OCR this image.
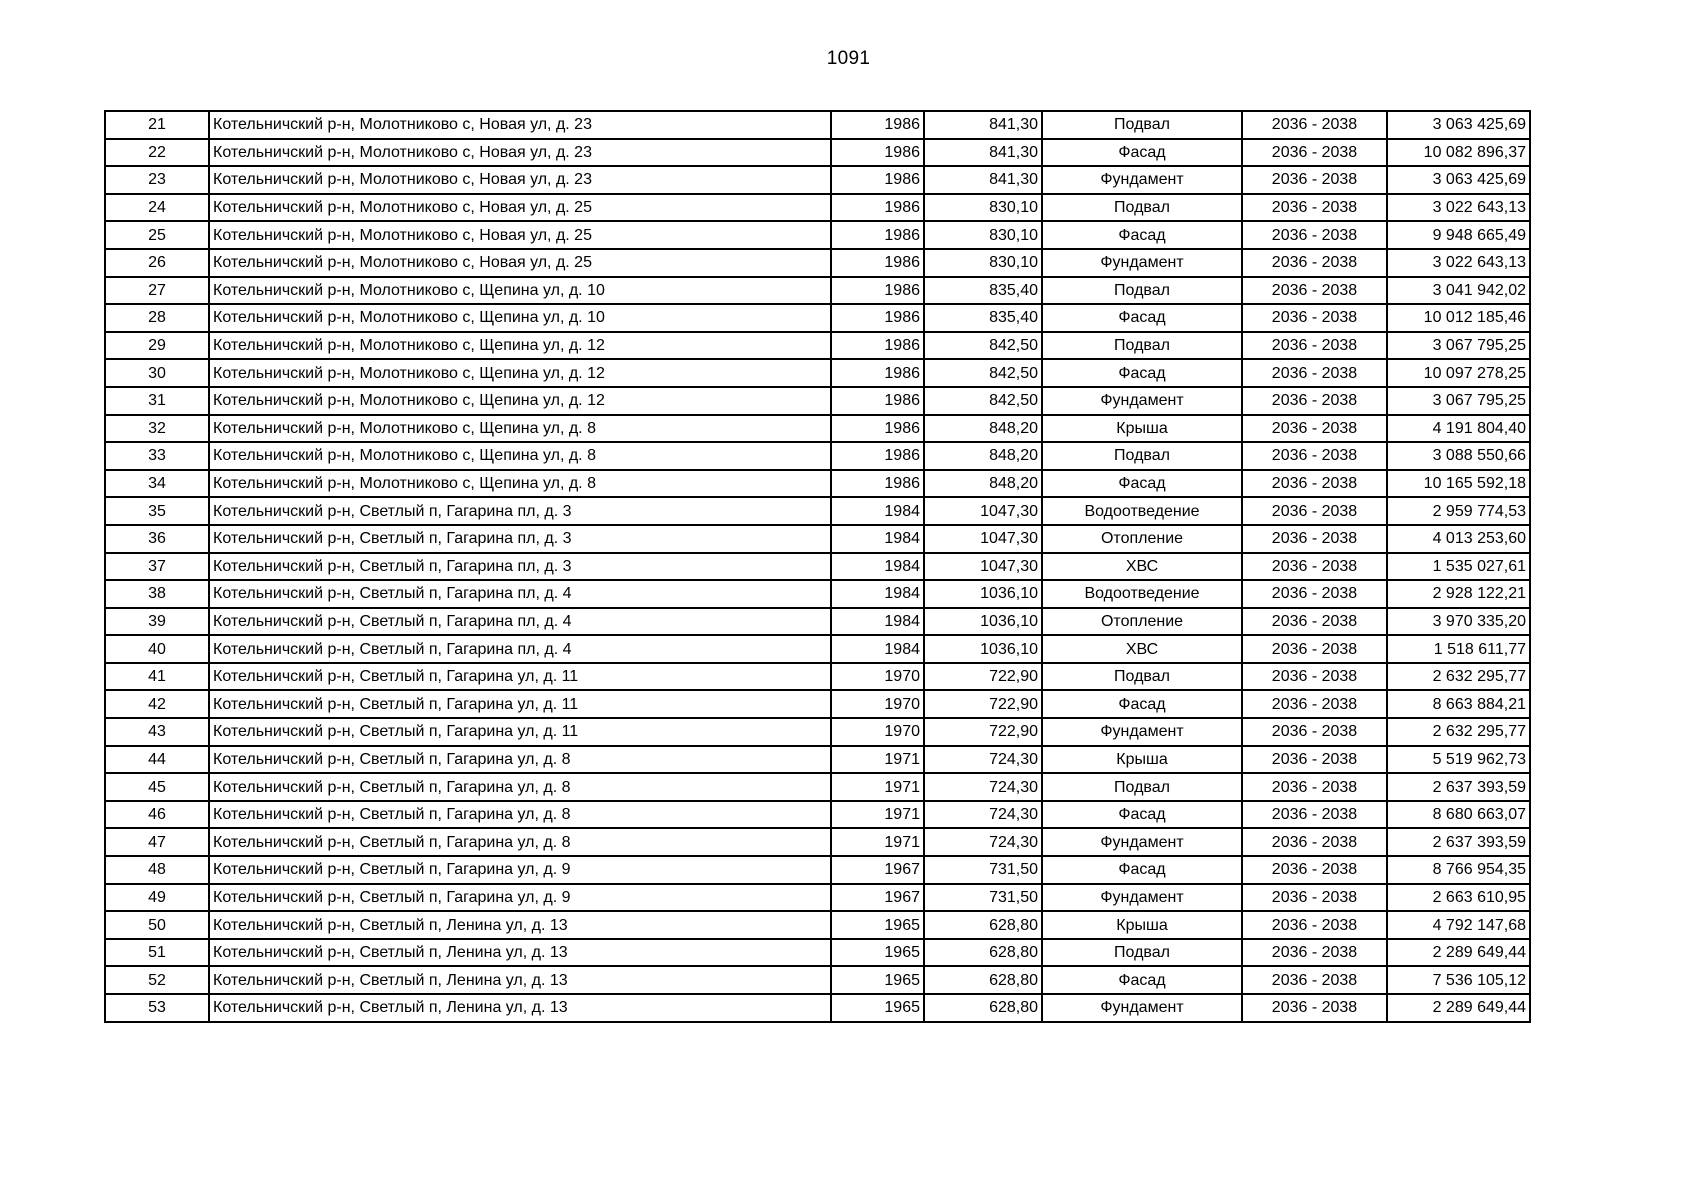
1091
21	Котельничский р-н, Молотниково с, Новая ул, д. 23	1986	841,30	Подвал	2036 - 2038	3 063 425,69
22	Котельничский р-н, Молотниково с, Новая ул, д. 23	1986	841,30	Фасад	2036 - 2038	10 082 896,37
23	Котельничский р-н, Молотниково с, Новая ул, д. 23	1986	841,30	Фундамент	2036 - 2038	3 063 425,69
24	Котельничский р-н, Молотниково с, Новая ул, д. 25	1986	830,10	Подвал	2036 - 2038	3 022 643,13
25	Котельничский р-н, Молотниково с, Новая ул, д. 25	1986	830,10	Фасад	2036 - 2038	9 948 665,49
26	Котельничский р-н, Молотниково с, Новая ул, д. 25	1986	830,10	Фундамент	2036 - 2038	3 022 643,13
27	Котельничский р-н, Молотниково с, Щепина ул, д. 10	1986	835,40	Подвал	2036 - 2038	3 041 942,02
28	Котельничский р-н, Молотниково с, Щепина ул, д. 10	1986	835,40	Фасад	2036 - 2038	10 012 185,46
29	Котельничский р-н, Молотниково с, Щепина ул, д. 12	1986	842,50	Подвал	2036 - 2038	3 067 795,25
30	Котельничский р-н, Молотниково с, Щепина ул, д. 12	1986	842,50	Фасад	2036 - 2038	10 097 278,25
31	Котельничский р-н, Молотниково с, Щепина ул, д. 12	1986	842,50	Фундамент	2036 - 2038	3 067 795,25
32	Котельничский р-н, Молотниково с, Щепина ул, д. 8	1986	848,20	Крыша	2036 - 2038	4 191 804,40
33	Котельничский р-н, Молотниково с, Щепина ул, д. 8	1986	848,20	Подвал	2036 - 2038	3 088 550,66
34	Котельничский р-н, Молотниково с, Щепина ул, д. 8	1986	848,20	Фасад	2036 - 2038	10 165 592,18
35	Котельничский р-н, Светлый п, Гагарина пл, д. 3	1984	1047,30	Водоотведение	2036 - 2038	2 959 774,53
36	Котельничский р-н, Светлый п, Гагарина пл, д. 3	1984	1047,30	Отопление	2036 - 2038	4 013 253,60
37	Котельничский р-н, Светлый п, Гагарина пл, д. 3	1984	1047,30	ХВС	2036 - 2038	1 535 027,61
38	Котельничский р-н, Светлый п, Гагарина пл, д. 4	1984	1036,10	Водоотведение	2036 - 2038	2 928 122,21
39	Котельничский р-н, Светлый п, Гагарина пл, д. 4	1984	1036,10	Отопление	2036 - 2038	3 970 335,20
40	Котельничский р-н, Светлый п, Гагарина пл, д. 4	1984	1036,10	ХВС	2036 - 2038	1 518 611,77
41	Котельничский р-н, Светлый п, Гагарина ул, д. 11	1970	722,90	Подвал	2036 - 2038	2 632 295,77
42	Котельничский р-н, Светлый п, Гагарина ул, д. 11	1970	722,90	Фасад	2036 - 2038	8 663 884,21
43	Котельничский р-н, Светлый п, Гагарина ул, д. 11	1970	722,90	Фундамент	2036 - 2038	2 632 295,77
44	Котельничский р-н, Светлый п, Гагарина ул, д. 8	1971	724,30	Крыша	2036 - 2038	5 519 962,73
45	Котельничский р-н, Светлый п, Гагарина ул, д. 8	1971	724,30	Подвал	2036 - 2038	2 637 393,59
46	Котельничский р-н, Светлый п, Гагарина ул, д. 8	1971	724,30	Фасад	2036 - 2038	8 680 663,07
47	Котельничский р-н, Светлый п, Гагарина ул, д. 8	1971	724,30	Фундамент	2036 - 2038	2 637 393,59
48	Котельничский р-н, Светлый п, Гагарина ул, д. 9	1967	731,50	Фасад	2036 - 2038	8 766 954,35
49	Котельничский р-н, Светлый п, Гагарина ул, д. 9	1967	731,50	Фундамент	2036 - 2038	2 663 610,95
50	Котельничский р-н, Светлый п, Ленина ул, д. 13	1965	628,80	Крыша	2036 - 2038	4 792 147,68
51	Котельничский р-н, Светлый п, Ленина ул, д. 13	1965	628,80	Подвал	2036 - 2038	2 289 649,44
52	Котельничский р-н, Светлый п, Ленина ул, д. 13	1965	628,80	Фасад	2036 - 2038	7 536 105,12
53	Котельничский р-н, Светлый п, Ленина ул, д. 13	1965	628,80	Фундамент	2036 - 2038	2 289 649,44
